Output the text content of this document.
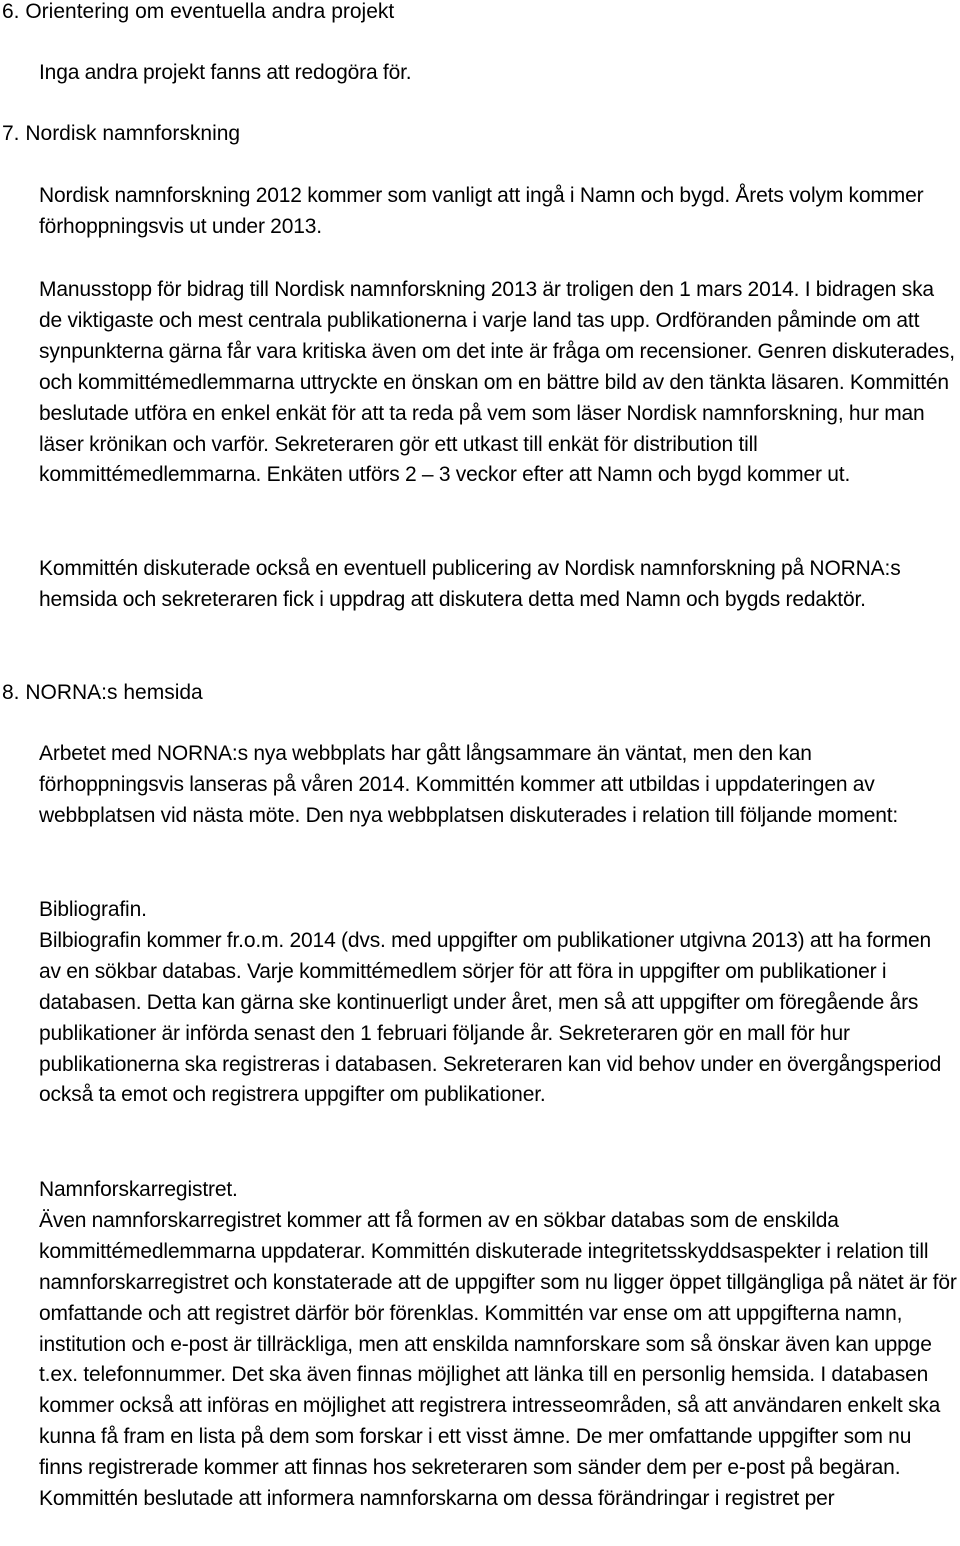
6. Orientering om eventuella andra projekt

Inga andra projekt fanns att redogöra för.

7. Nordisk namnforskning

Nordisk namnforskning 2012 kommer som vanligt att ingå i Namn och bygd. Årets volym kommer förhoppningsvis ut under 2013.

Manusstopp för bidrag till Nordisk namnforskning 2013 är troligen den 1 mars 2014. I bidragen ska de viktigaste och mest centrala publikationerna i varje land tas upp. Ordföranden påminde om att synpunkterna gärna får vara kritiska även om det inte är fråga om recensioner. Genren diskuterades, och kommittémedlemmarna uttryckte en önskan om en bättre bild av den tänkta läsaren. Kommittén beslutade utföra en enkel enkät för att ta reda på vem som läser Nordisk namnforskning, hur man läser krönikan och varför. Sekreteraren gör ett utkast till enkät för distribution till kommittémedlemmarna. Enkäten utförs 2 – 3 veckor efter att Namn och bygd kommer ut.

Kommittén diskuterade också en eventuell publicering av Nordisk namnforskning på NORNA:s hemsida och sekreteraren fick i uppdrag att diskutera detta med Namn och bygds redaktör.

8. NORNA:s hemsida

Arbetet med NORNA:s nya webbplats har gått långsammare än väntat, men den kan förhoppningsvis lanseras på våren 2014. Kommittén kommer att utbildas i uppdateringen av webbplatsen vid nästa möte. Den nya webbplatsen diskuterades i relation till följande moment:

Bibliografin.
Bilbiografin kommer fr.o.m. 2014 (dvs. med uppgifter om publikationer utgivna 2013) att ha formen av en sökbar databas. Varje kommittémedlem sörjer för att föra in uppgifter om publikationer i databasen. Detta kan gärna ske kontinuerligt under året, men så att uppgifter om föregående års publikationer är införda senast den 1 februari följande år. Sekreteraren gör en mall för hur publikationerna ska registreras i databasen. Sekreteraren kan vid behov under en övergångsperiod också ta emot och registrera uppgifter om publikationer.

Namnforskarregistret.
Även namnforskarregistret kommer att få formen av en sökbar databas som de enskilda kommittémedlemmarna uppdaterar. Kommittén diskuterade integritetsskyddsaspekter i relation till namnforskarregistret och konstaterade att de uppgifter som nu ligger öppet tillgängliga på nätet är för omfattande och att registret därför bör förenklas. Kommittén var ense om att uppgifterna namn, institution och e-post är tillräckliga, men att enskilda namnforskare som så önskar även kan uppge t.ex. telefonnummer. Det ska även finnas möjlighet att länka till en personlig hemsida. I databasen kommer också att införas en möjlighet att registrera intresseområden, så att användaren enkelt ska kunna få fram en lista på dem som forskar i ett visst ämne. De mer omfattande uppgifter som nu finns registrerade kommer att finnas hos sekreteraren som sänder dem per e-post på begäran. Kommittén beslutade att informera namnforskarna om dessa förändringar i registret per
